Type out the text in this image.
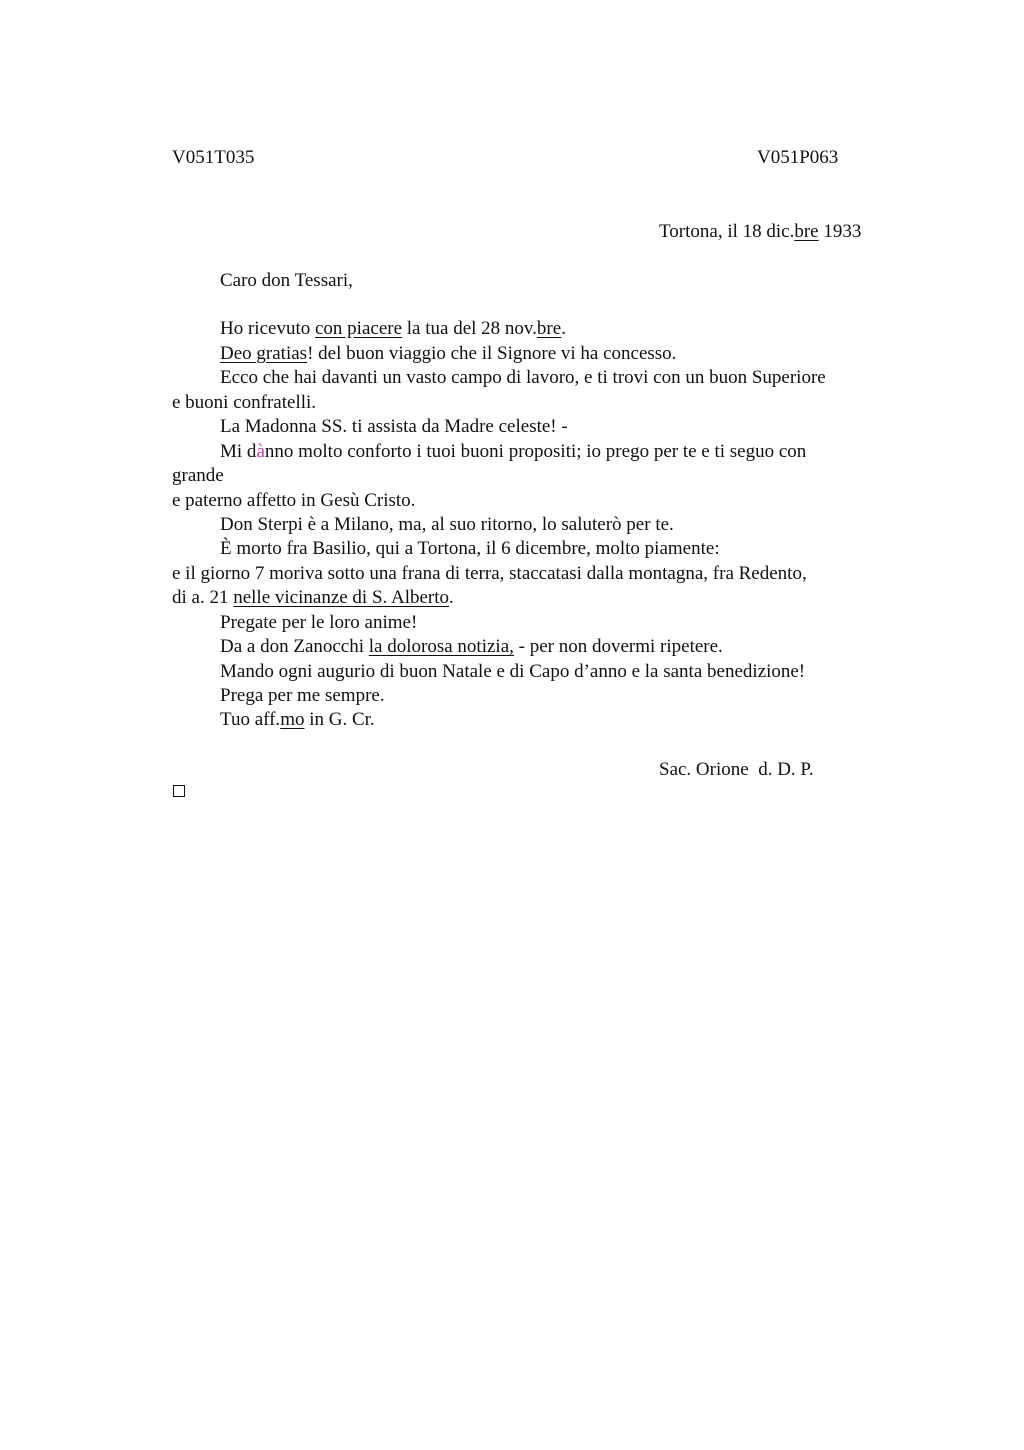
V051T035	V051P063
Tortona, il 18 dic.bre 1933
Caro don Tessari,
Ho ricevuto con piacere la tua del 28 nov.bre.
Deo gratias! del buon viaggio che il Signore vi ha concesso.
Ecco che hai davanti un vasto campo di lavoro, e ti trovi con un buon Superiore
e buoni confratelli.
La Madonna SS. ti assista da Madre celeste! -
Mi dànno molto conforto i tuoi buoni propositi; io prego per te e ti seguo con
grande
e paterno affetto in Gesù Cristo.
Don Sterpi è a Milano, ma, al suo ritorno, lo saluterò per te.
È morto fra Basilio, qui a Tortona, il 6 dicembre, molto piamente:
e il giorno 7 moriva sotto una frana di terra, staccatasi dalla montagna, fra Redento,
di a. 21 nelle vicinanze di S. Alberto.
Pregate per le loro anime!
Da a don Zanocchi la dolorosa notizia, - per non dovermi ripetere.
Mando ogni augurio di buon Natale e di Capo d’anno e la santa benedizione!
Prega per me sempre.
Tuo aff.mo in G. Cr.
Sac. Orione  d. D. P.
